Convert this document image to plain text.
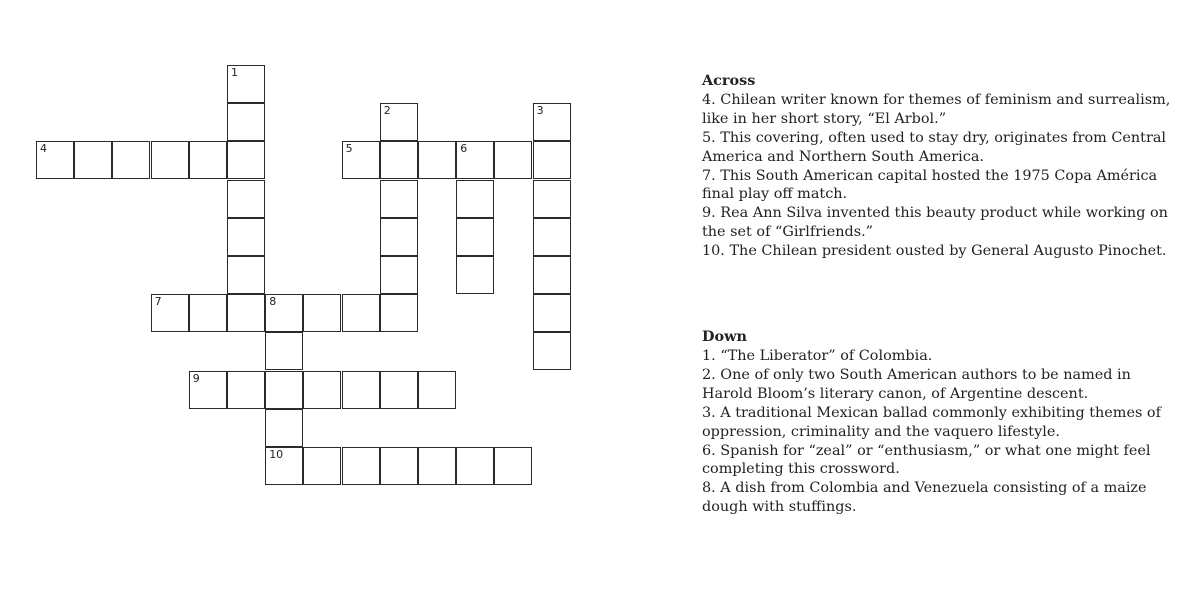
1
2	3
4	5	6
7	8
10
9
Across
4. Chilean writer known for themes of feminism and surrealism, like in her short story, “El Arbol.”
5. This covering, often used to stay dry, originates from Central America and Northern South America.
7. This South American capital hosted the 1975 Copa América final play off match.
9. Rea Ann Silva invented this beauty product while working on the set of “Girlfriends.”
10. The Chilean president ousted by General Augusto Pinochet.
Down
1. “The Liberator” of Colombia.
2. One of only two South American authors to be named in Harold Bloom’s literary canon, of Argentine descent.
3. A traditional Mexican ballad commonly exhibiting themes of oppression, criminality and the vaquero lifestyle.
6. Spanish for “zeal” or “enthusiasm,” or what one might feel completing this crossword.
8. A dish from Colombia and Venezuela consisting of a maize dough with stuffings.
